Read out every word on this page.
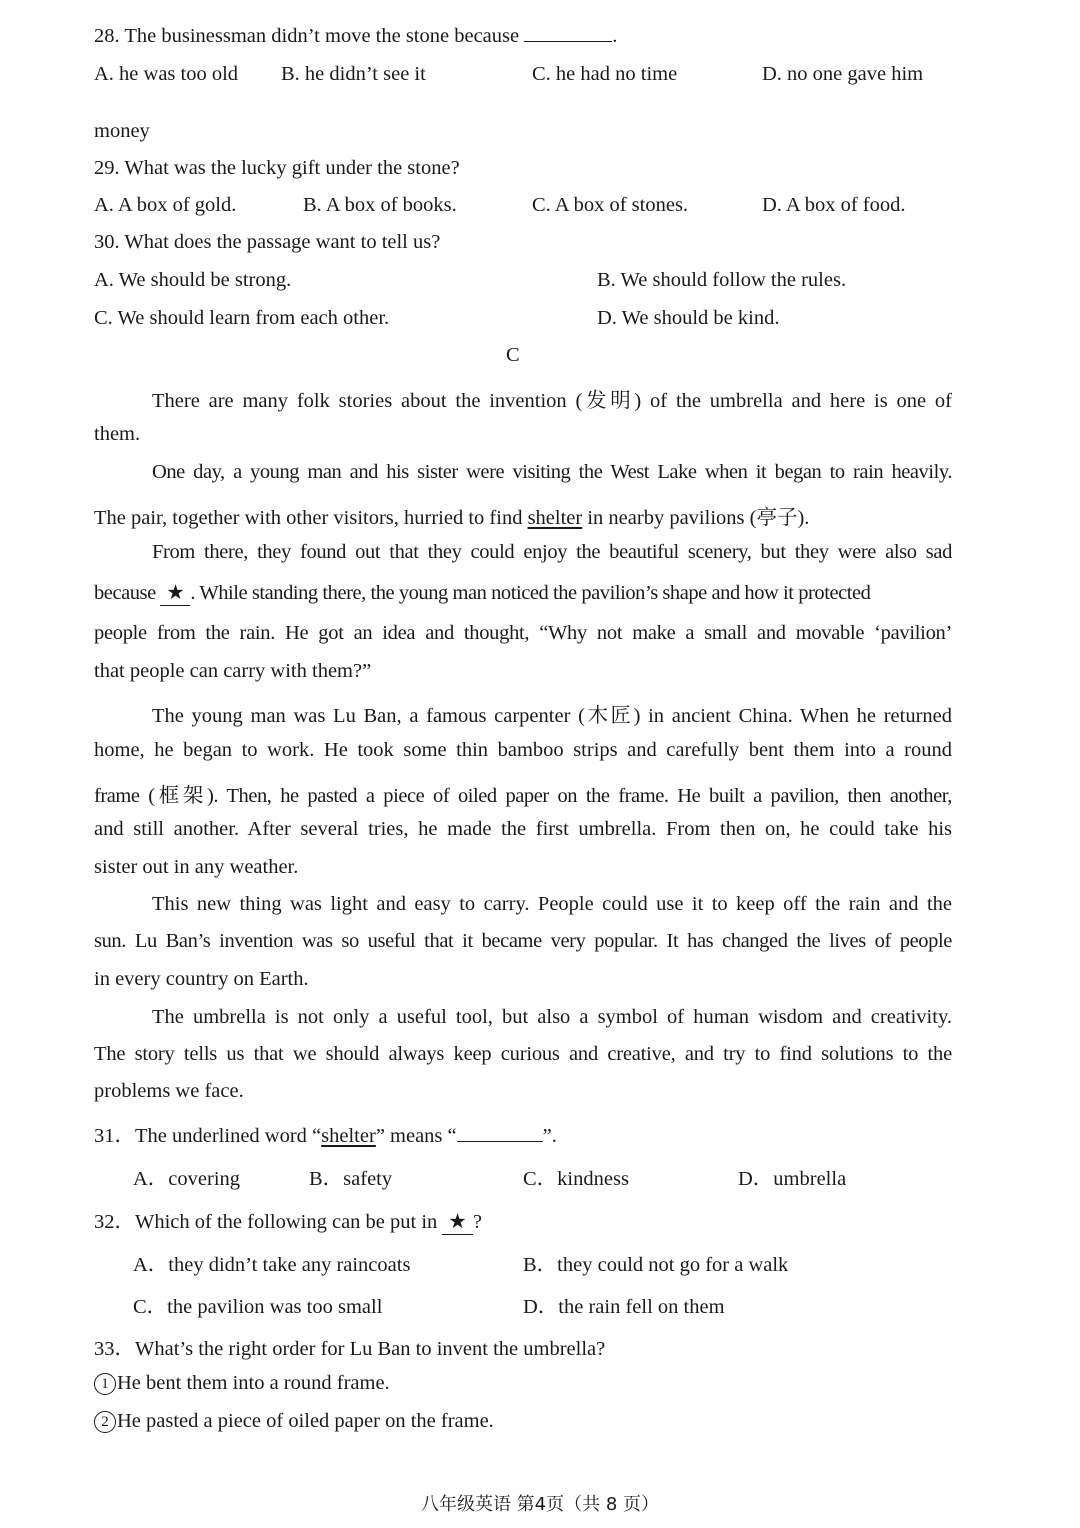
28. The businessman didn’t move the stone because	.
A. he was too old B. he didn’t see it	C. he had no time	D. no one gave him
money
29. What was the lucky gift under the stone?
A. A box of gold.	B. A box of books.	C. A box of stones.	D. A box of food.
30. What does the passage want to tell us?
A. We should be strong.	B. We should follow the rules.
C. We should learn from each other.	D. We should be kind.
C
There are many folk stories about the invention (发明) of the umbrella and here is one of
them.
One day, a young man and his sister were visiting the West Lake when it began to rain heavily.
The pair, together with other visitors, hurried to find shelter in nearby pavilions (亭子).
From there, they found out that they could enjoy the beautiful scenery, but they were also sad
because ★ . While standing there, the young man noticed the pavilion’s shape and how it protected
people from the rain. He got an idea and thought, “Why not make a small and movable ‘pavilion’
that people can carry with them?”
The young man was Lu Ban, a famous carpenter (木匠) in ancient China. When he returned
home, he began to work. He took some thin bamboo strips and carefully bent them into a round
frame (框架). Then, he pasted a piece of oiled paper on the frame. He built a pavilion, then another,
and still another. After several tries, he made the first umbrella. From then on, he could take his
sister out in any weather.
This new thing was light and easy to carry. People could use it to keep off the rain and the
sun. Lu Ban’s invention was so useful that it became very popular. It has changed the lives of people
in every country on Earth.
The umbrella is not only a useful tool, but also a symbol of human wisdom and creativity.
The story tells us that we should always keep curious and creative, and try to find solutions to the
problems we face.
31．The underlined word “shelter” means “	”.
A．covering	B．safety	C．kindness	D．umbrella
32．Which of the following can be put in ★ ?
A．they didn’t take any raincoats	B．they could not go for a walk
C．the pavilion was too small	D．the rain fell on them
33．What’s the right order for Lu Ban to invent the umbrella?
1 He bent them into a round frame.
2 He pasted a piece of oiled paper on the frame.
八年级英语 第4页（共 8 页）
